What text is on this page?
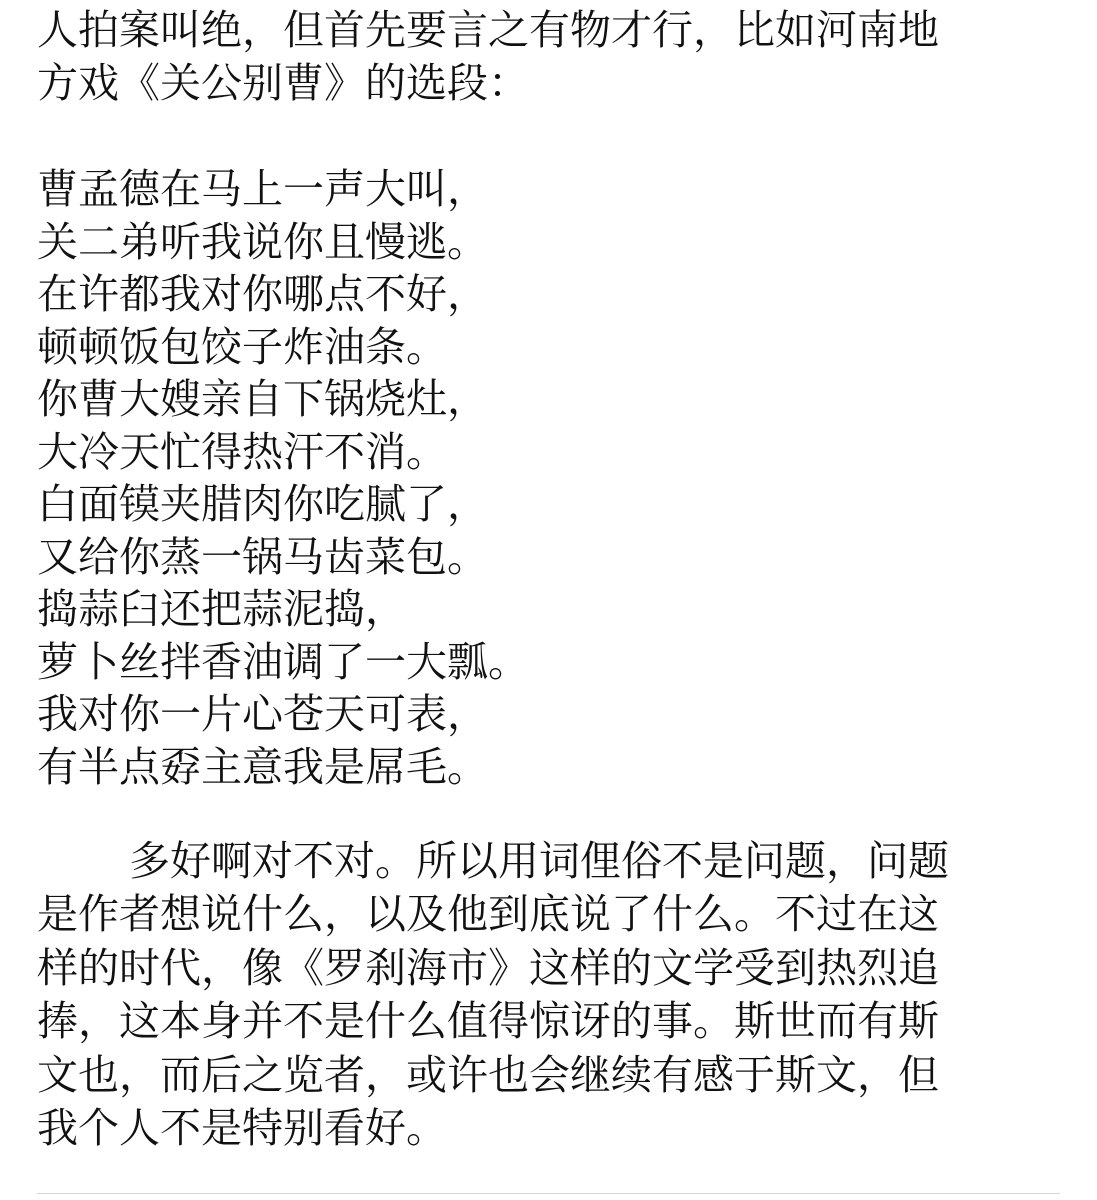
人拍案叫绝，但首先要言之有物才行，比如河南地

方戏《关公别曹》的选段：

曹孟德在马上一声大叫，

关二弟听我说你且慢逃。

在许都我对你哪点不好，

顿顿饭包饺子炸油条。

你曹大嫂亲自下锅烧灶，

大冷天忙得热汗不消。

白面镆夹腊肉你吃腻了，

又给你蒸一锅马齿菜包。

捣蒜臼还把蒜泥捣，

萝卜丝拌香油调了一大瓢。

我对你一片心苍天可表，

有半点孬主意我是屌毛。

多好啊对不对。所以用词俚俗不是问题，问题

是作者想说什么，以及他到底说了什么。不过在这

样的时代，像《罗刹海市》这样的文学受到热烈追

捧，这本身并不是什么值得惊讶的事。斯世而有斯

文也，而后之览者，或许也会继续有感于斯文，但

我个人不是特别看好。
